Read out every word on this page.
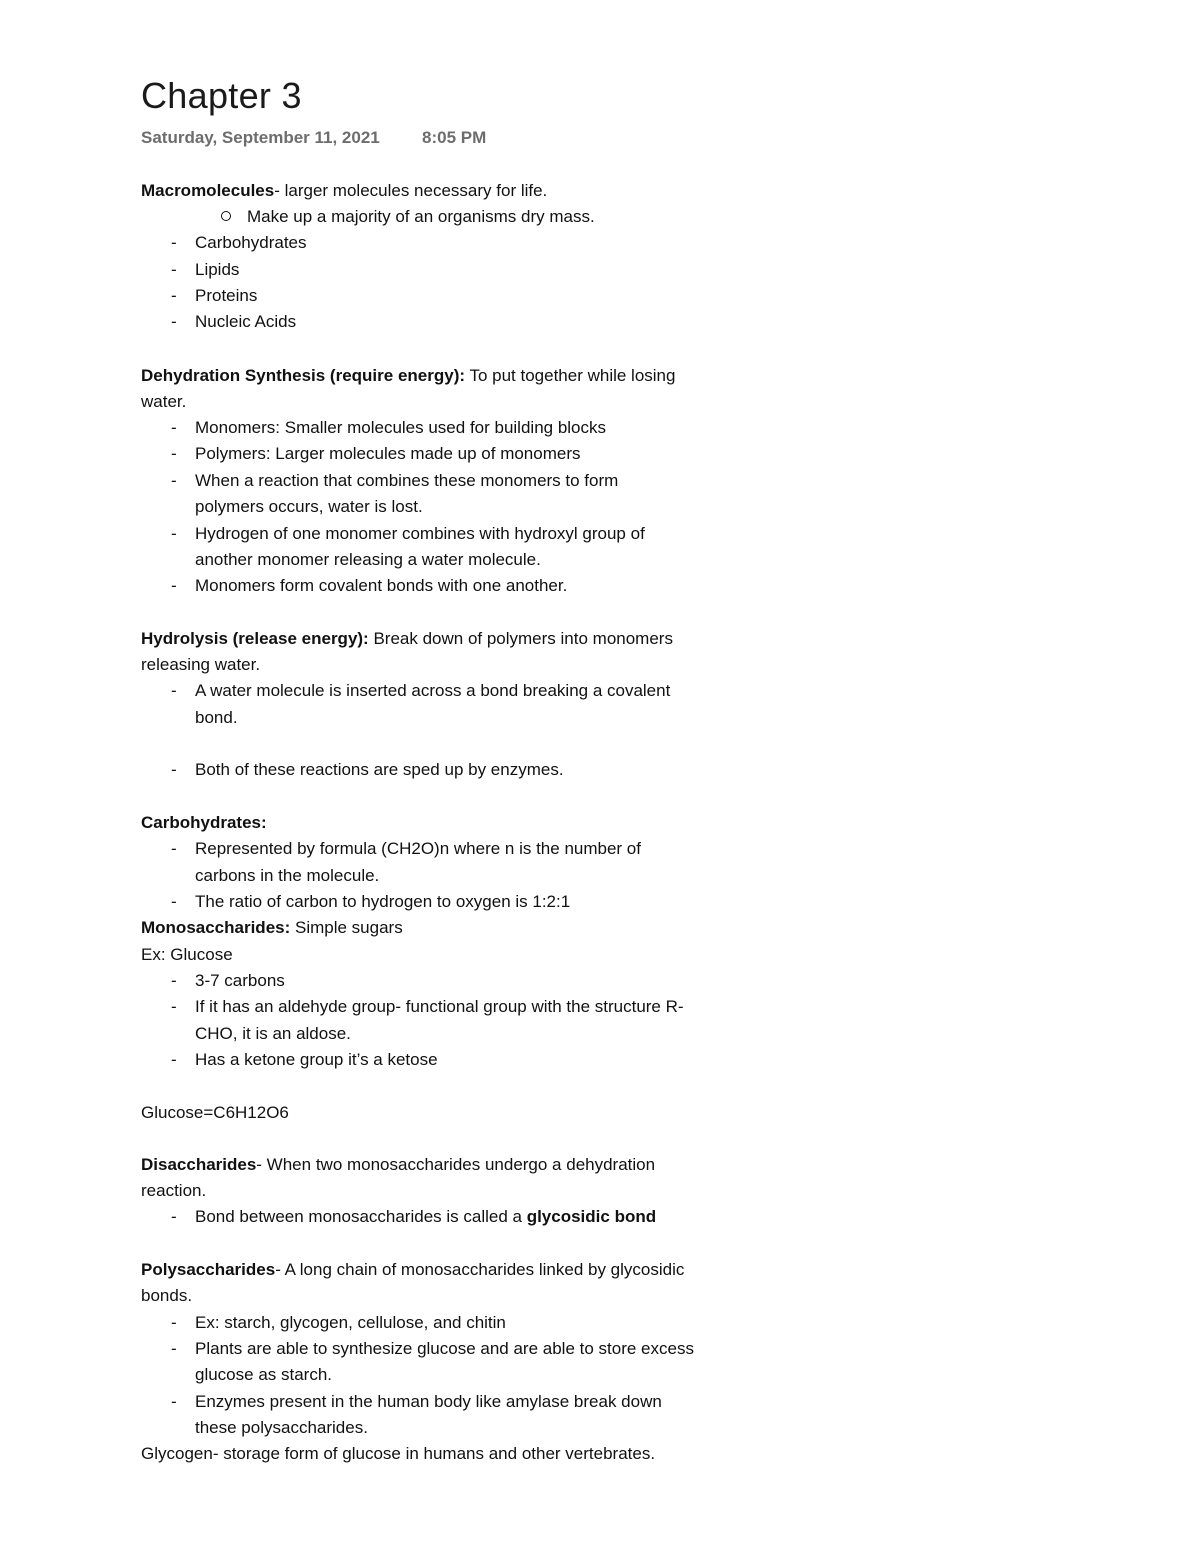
Chapter 3
Saturday, September 11, 2021 8:05 PM
Macromolecules- larger molecules necessary for life.
Make up a majority of an organisms dry mass.
- Carbohydrates
- Lipids
- Proteins
- Nucleic Acids
Dehydration Synthesis (require energy): To put together while losing
water.
- Monomers: Smaller molecules used for building blocks
- Polymers: Larger molecules made up of monomers
- When a reaction that combines these monomers to form
polymers occurs, water is lost.
- Hydrogen of one monomer combines with hydroxyl group of
another monomer releasing a water molecule.
- Monomers form covalent bonds with one another.
Hydrolysis (release energy): Break down of polymers into monomers
releasing water.
- A water molecule is inserted across a bond breaking a covalent
bond.
- Both of these reactions are sped up by enzymes.
Carbohydrates:
- Represented by formula (CH2O)n where n is the number of
carbons in the molecule.
- The ratio of carbon to hydrogen to oxygen is 1:2:1
Monosaccharides: Simple sugars
Ex: Glucose
- 3-7 carbons
- If it has an aldehyde group- functional group with the structure R-
CHO, it is an aldose.
- Has a ketone group it’s a ketose
Glucose=C6H12O6
Disaccharides- When two monosaccharides undergo a dehydration
reaction.
- Bond between monosaccharides is called a glycosidic bond
Polysaccharides- A long chain of monosaccharides linked by glycosidic
bonds.
- Ex: starch, glycogen, cellulose, and chitin
- Plants are able to synthesize glucose and are able to store excess
glucose as starch.
- Enzymes present in the human body like amylase break down
these polysaccharides.
Glycogen- storage form of glucose in humans and other vertebrates.
